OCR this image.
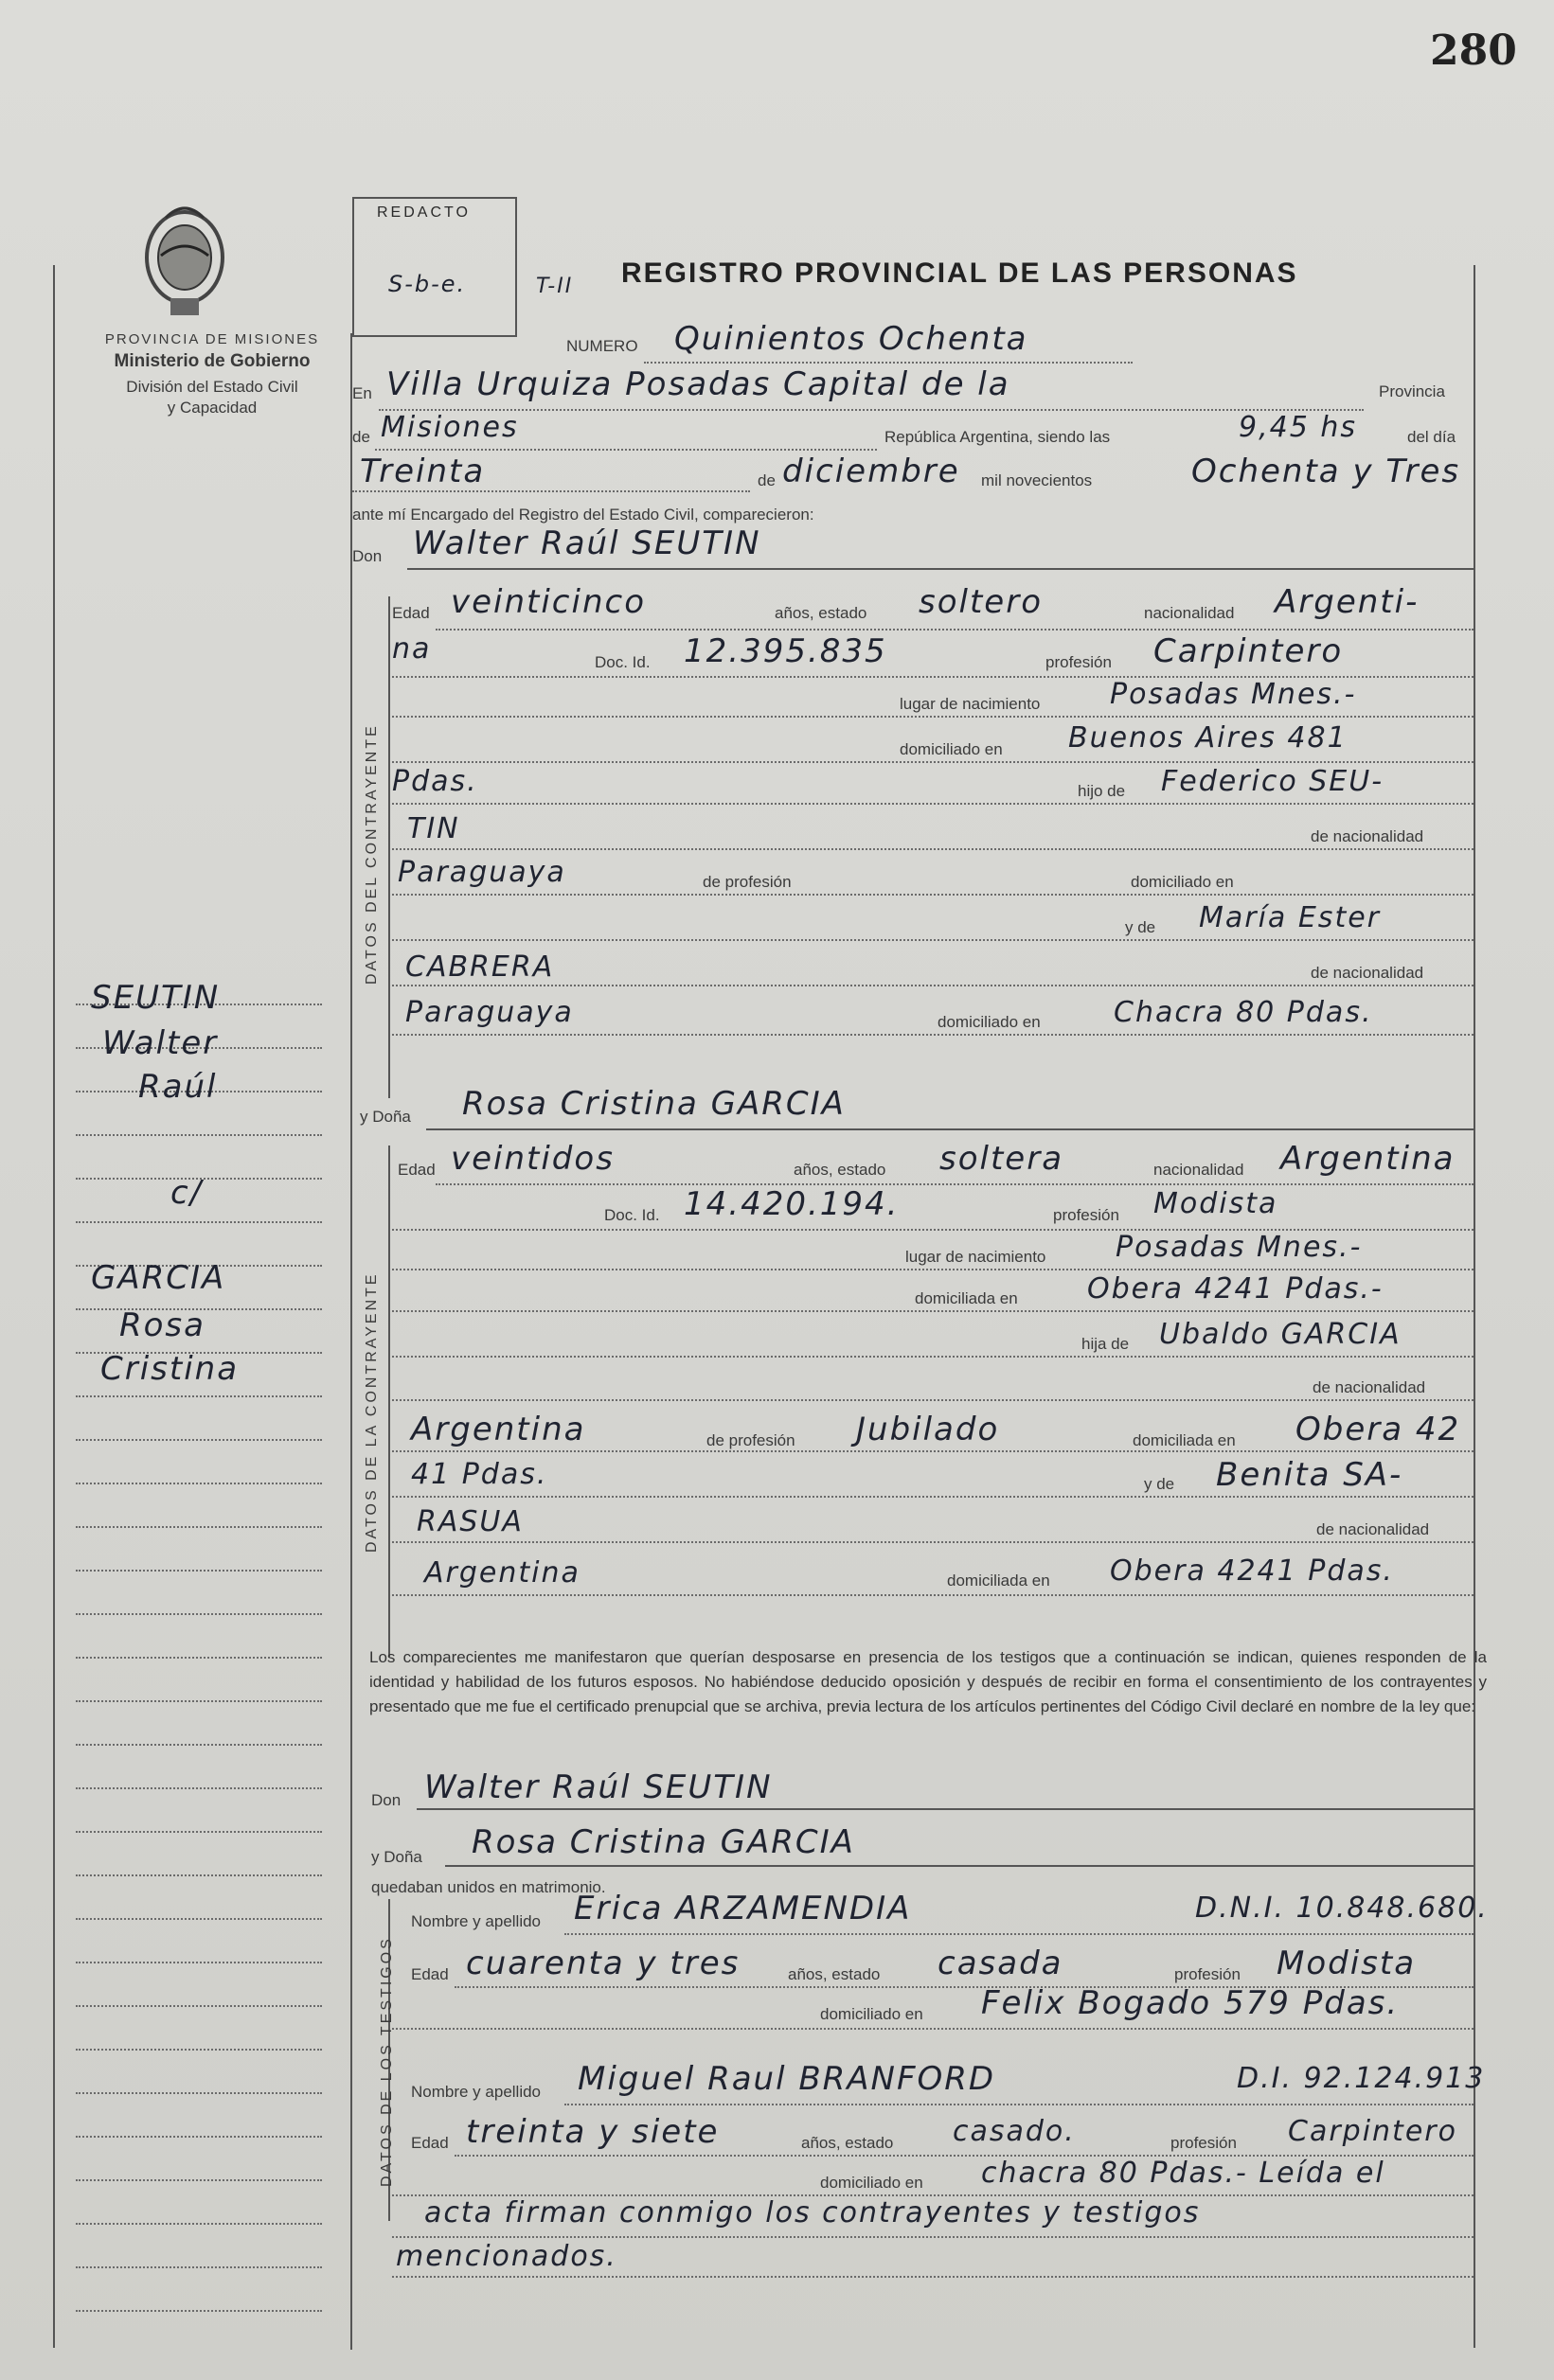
280
PROVINCIA DE MISIONES
Ministerio de Gobierno
División del Estado Civil
y Capacidad
REDACTO
S-b-e.	T-II REGISTRO PROVINCIAL DE LAS PERSONAS
SEUTIN
Walter
Raúl
c/
GARCIA
Rosa
Cristina
NUMERO Quinientos Ochenta
En Villa Urquiza Posadas Capital de la	Provincia
de Misiones	República Argentina, siendo las	9,45 hs	del día
Treinta	de diciembre mil novecientos	Ochenta y Tres
ante mí Encargado del Registro del Estado Civil, comparecieron:
Don Walter Raúl SEUTIN
DATOS DEL CONTRAYENTE
Edad veinticinco	años, estado soltero	nacionalidad Argenti-
na	Doc. Id. 12.395.835	profesión Carpintero
lugar de nacimiento Posadas Mnes.-
domiciliado en Buenos Aires 481
Pdas.	hijo de Federico SEU-
TIN	de nacionalidad
Paraguaya	de profesión	domiciliado en
y de María Ester
CABRERA	de nacionalidad
Paraguaya	domiciliado en	Chacra 80 Pdas.
y Doña Rosa Cristina GARCIA
DATOS DE LA CONTRAYENTE
Edad veintidos	años, estado soltera	nacionalidad Argentina
Doc. Id. 14.420.194.	profesión Modista
lugar de nacimiento Posadas Mnes.-
domiciliada en Obera 4241 Pdas.-
hija de Ubaldo GARCIA
de nacionalidad
Argentina	de profesión Jubilado	domiciliada en Obera 42
41 Pdas.	y de Benita SA-
RASUA	de nacionalidad
Argentina	domiciliada en Obera 4241 Pdas.
Los comparecientes me manifestaron que querían desposarse en presencia de los testigos que a continuación se indican, quienes responden de la identidad y habilidad de los futuros esposos. No habiéndose deducido oposición y después de recibir en forma el consentimiento de los contrayentes y presentado que me fue el certificado prenupcial que se archiva, previa lectura de los artículos pertinentes del Código Civil declaré en nombre de la ley que:
Don Walter Raúl SEUTIN
y Doña Rosa Cristina GARCIA
quedaban unidos en matrimonio.
DATOS DE LOS TESTIGOS
Nombre y apellido Erica ARZAMENDIA	D.N.I. 10.848.680.
Edad cuarenta y tres	años, estado casada	profesión Modista
domiciliado en Felix Bogado 579 Pdas.
Nombre y apellido Miguel Raul BRANFORD	D.I. 92.124.913
Edad treinta y siete	años, estado casado.	profesión Carpintero
domiciliado en chacra 80 Pdas.- Leída el
acta firman conmigo los contrayentes y testigos
mencionados.
